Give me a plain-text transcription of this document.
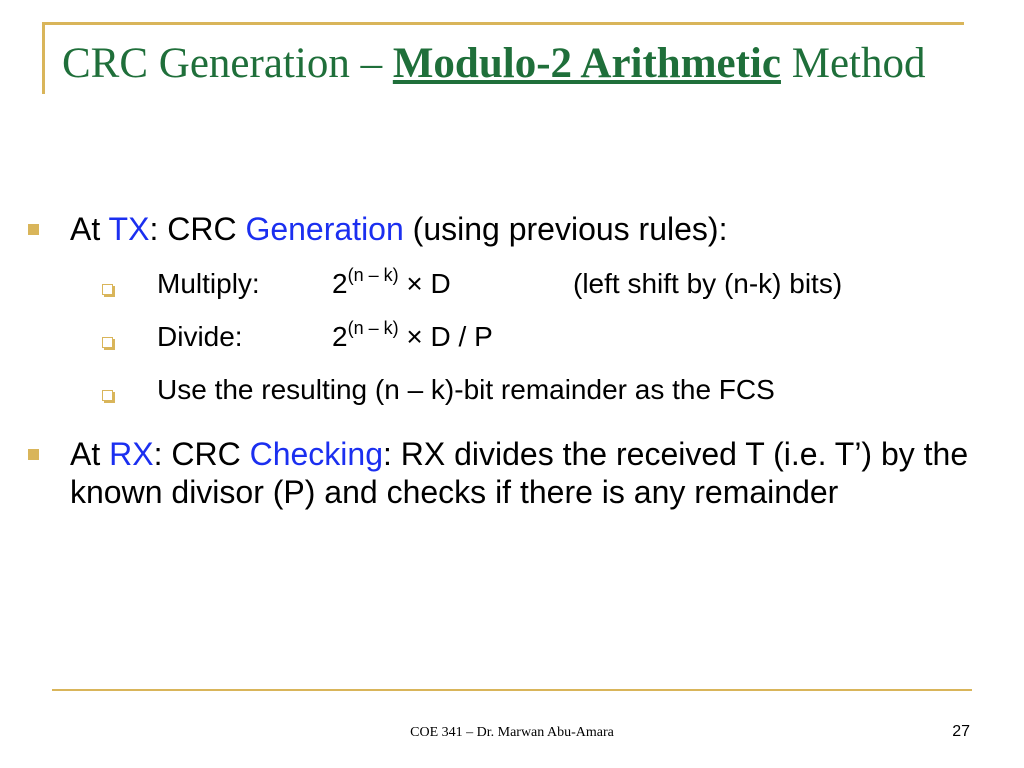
CRC Generation – Modulo-2 Arithmetic Method
At TX: CRC Generation (using previous rules):
Multiply:	$2^{(n - k)} \times D$	(left shift by (n-k) bits)
Divide:	$2^{(n - k)} \times D / P$
Use the resulting (n – k)-bit remainder as the FCS
At RX: CRC Checking: RX divides the received T (i.e. T’) by the known divisor (P) and checks if there is any remainder
COE 341 – Dr. Marwan Abu-Amara	27
